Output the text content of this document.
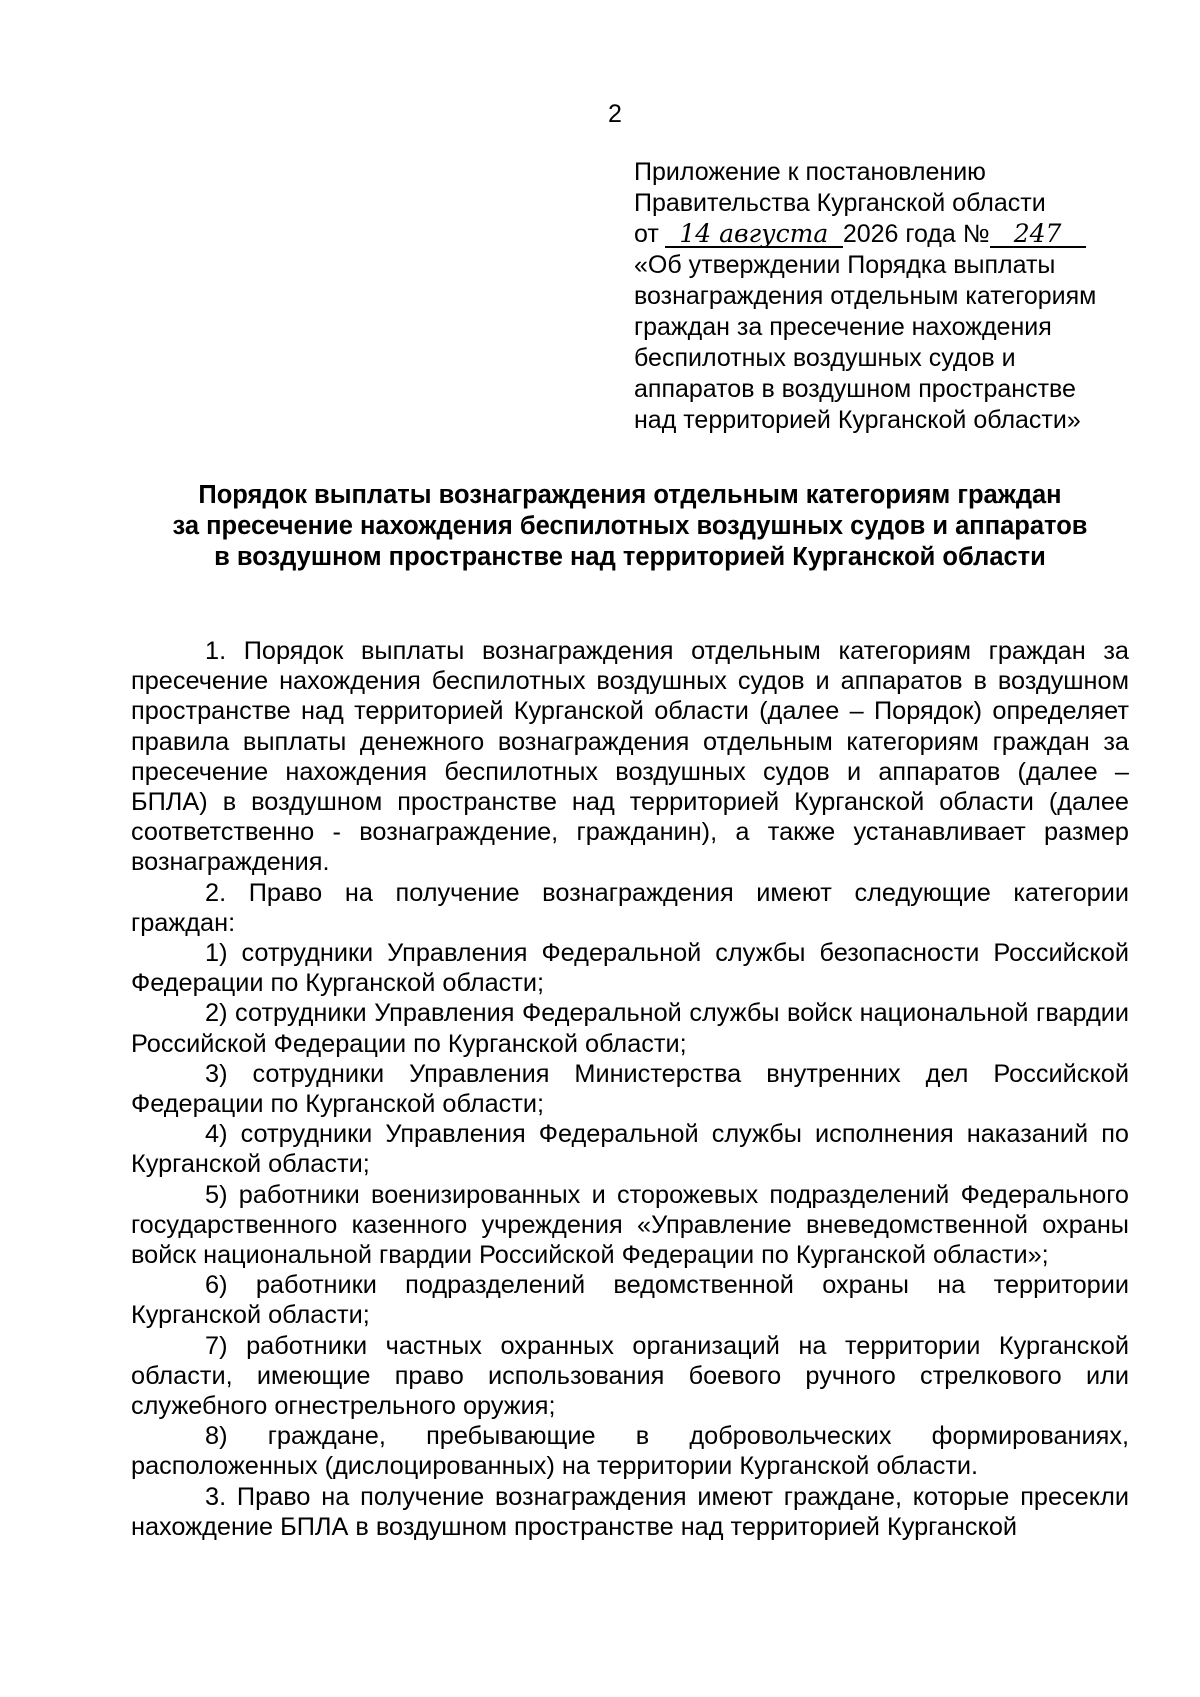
2
Приложение к постановлению
Правительства Курганской области
от 14 августа 2026 года № 247
«Об утверждении Порядка выплаты
вознаграждения отдельным категориям
граждан за пресечение нахождения
беспилотных воздушных судов и
аппаратов в воздушном пространстве
над территорией Курганской области»
Порядок выплаты вознаграждения отдельным категориям граждан
за пресечение нахождения беспилотных воздушных судов и аппаратов
в воздушном пространстве над территорией Курганской области

1. Порядок выплаты вознаграждения отдельным категориям граждан за пресечение нахождения беспилотных воздушных судов и аппаратов в воздушном пространстве над территорией Курганской области (далее – Порядок) определяет правила выплаты денежного вознаграждения отдельным категориям граждан за пресечение нахождения беспилотных воздушных судов и аппаратов (далее – БПЛА) в воздушном пространстве над территорией Курганской области (далее соответственно - вознаграждение, гражданин), а также устанавливает размер вознаграждения.

2. Право на получение вознаграждения имеют следующие категории граждан:

1) сотрудники Управления Федеральной службы безопасности Российской Федерации по Курганской области;

2) сотрудники Управления Федеральной службы войск национальной гвардии Российской Федерации по Курганской области;

3) сотрудники Управления Министерства внутренних дел Российской Федерации по Курганской области;

4) сотрудники Управления Федеральной службы исполнения наказаний по Курганской области;

5) работники военизированных и сторожевых подразделений Федерального государственного казенного учреждения «Управление вневедомственной охраны войск национальной гвардии Российской Федерации по Курганской области»;

6) работники подразделений ведомственной охраны на территории Курганской области;

7) работники частных охранных организаций на территории Курганской области, имеющие право использования боевого ручного стрелкового или служебного огнестрельного оружия;

8) граждане, пребывающие в добровольческих формированиях, расположенных (дислоцированных) на территории Курганской области.

3. Право на получение вознаграждения имеют граждане, которые пресекли нахождение БПЛА в воздушном пространстве над территорией Курганской
